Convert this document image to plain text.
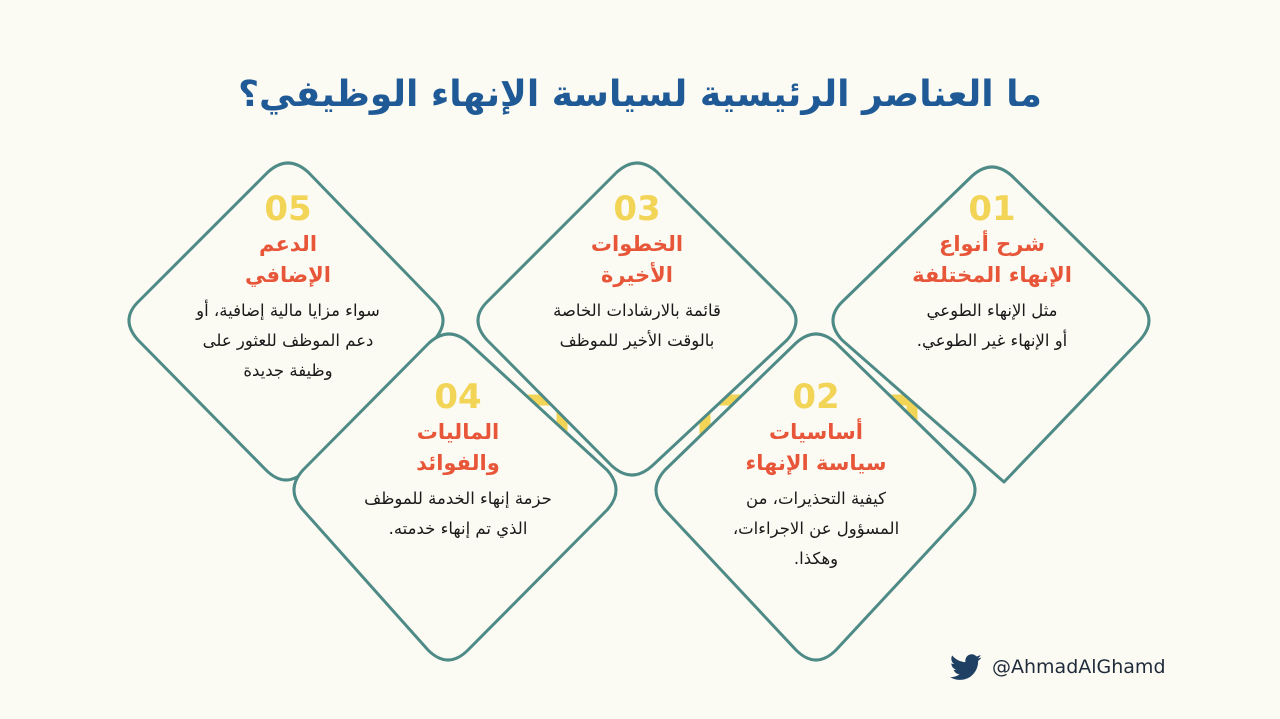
ما العناصر الرئيسية لسياسة الإنهاء الوظيفي؟
05
الدعم
الإضافي
سواء مزايا مالية إضافية، أو
دعم الموظف للعثور على
وظيفة جديدة
03
الخطوات
الأخيرة
قائمة بالارشادات الخاصة
بالوقت الأخير للموظف
01
شرح أنواع
الإنهاء المختلفة
مثل الإنهاء الطوعي
أو الإنهاء غير الطوعي.
04
الماليات
والفوائد
حزمة إنهاء الخدمة للموظف
الذي تم إنهاء خدمته.
02
أساسيات
سياسة الإنهاء
كيفية التحذيرات، من
المسؤول عن الاجراءات،
وهكذا.
@AhmadAlGhamd
